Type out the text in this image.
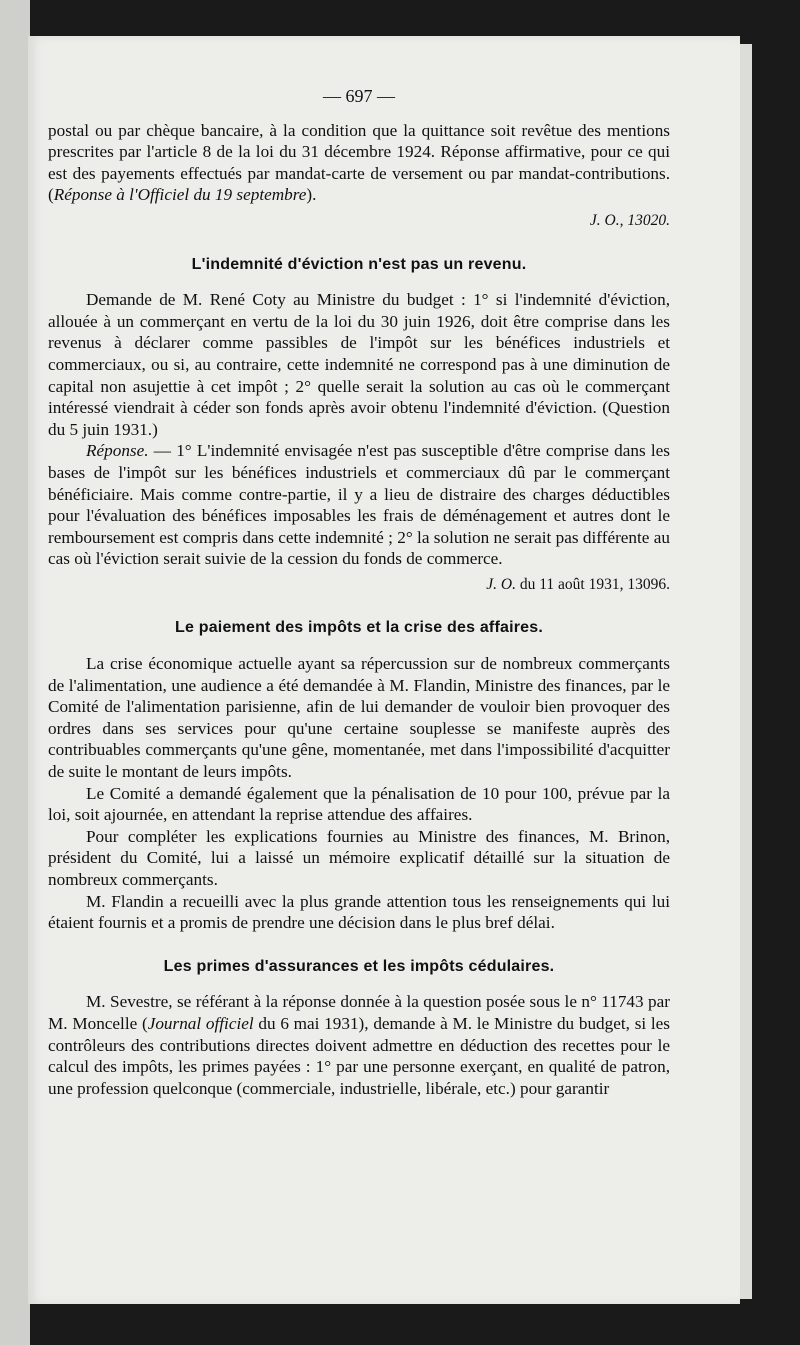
— 697 —

postal ou par chèque bancaire, à la condition que la quittance soit revêtue des mentions prescrites par l'article 8 de la loi du 31 décembre 1924. Réponse affirmative, pour ce qui est des payements effectués par mandat-carte de versement ou par mandat-contributions. (Réponse à l'Officiel du 19 septembre).

J. O., 13020.
L'indemnité d'éviction n'est pas un revenu.

Demande de M. René Coty au Ministre du budget : 1° si l'indemnité d'éviction, allouée à un commerçant en vertu de la loi du 30 juin 1926, doit être comprise dans les revenus à déclarer comme passibles de l'impôt sur les bénéfices industriels et commerciaux, ou si, au contraire, cette indemnité ne correspond pas à une diminution de capital non asujettie à cet impôt ; 2° quelle serait la solution au cas où le commerçant intéressé viendrait à céder son fonds après avoir obtenu l'indemnité d'éviction. (Question du 5 juin 1931.)

Réponse. — 1° L'indemnité envisagée n'est pas susceptible d'être comprise dans les bases de l'impôt sur les bénéfices industriels et commerciaux dû par le commerçant bénéficiaire. Mais comme contre-partie, il y a lieu de distraire des charges déductibles pour l'évaluation des bénéfices imposables les frais de déménagement et autres dont le remboursement est compris dans cette indemnité ; 2° la solution ne serait pas différente au cas où l'éviction serait suivie de la cession du fonds de commerce.

J. O. du 11 août 1931, 13096.
Le paiement des impôts et la crise des affaires.

La crise économique actuelle ayant sa répercussion sur de nombreux commerçants de l'alimentation, une audience a été demandée à M. Flandin, Ministre des finances, par le Comité de l'alimentation parisienne, afin de lui demander de vouloir bien provoquer des ordres dans ses services pour qu'une certaine souplesse se manifeste auprès des contribuables commerçants qu'une gêne, momentanée, met dans l'impossibilité d'acquitter de suite le montant de leurs impôts.

Le Comité a demandé également que la pénalisation de 10 pour 100, prévue par la loi, soit ajournée, en attendant la reprise attendue des affaires.

Pour compléter les explications fournies au Ministre des finances, M. Brinon, président du Comité, lui a laissé un mémoire explicatif détaillé sur la situation de nombreux commerçants.

M. Flandin a recueilli avec la plus grande attention tous les renseignements qui lui étaient fournis et a promis de prendre une décision dans le plus bref délai.

Les primes d'assurances et les impôts cédulaires.

M. Sevestre, se référant à la réponse donnée à la question posée sous le n° 11743 par M. Moncelle (Journal officiel du 6 mai 1931), demande à M. le Ministre du budget, si les contrôleurs des contributions directes doivent admettre en déduction des recettes pour le calcul des impôts, les primes payées : 1° par une personne exerçant, en qualité de patron, une profession quelconque (commerciale, industrielle, libérale, etc.) pour garantir
